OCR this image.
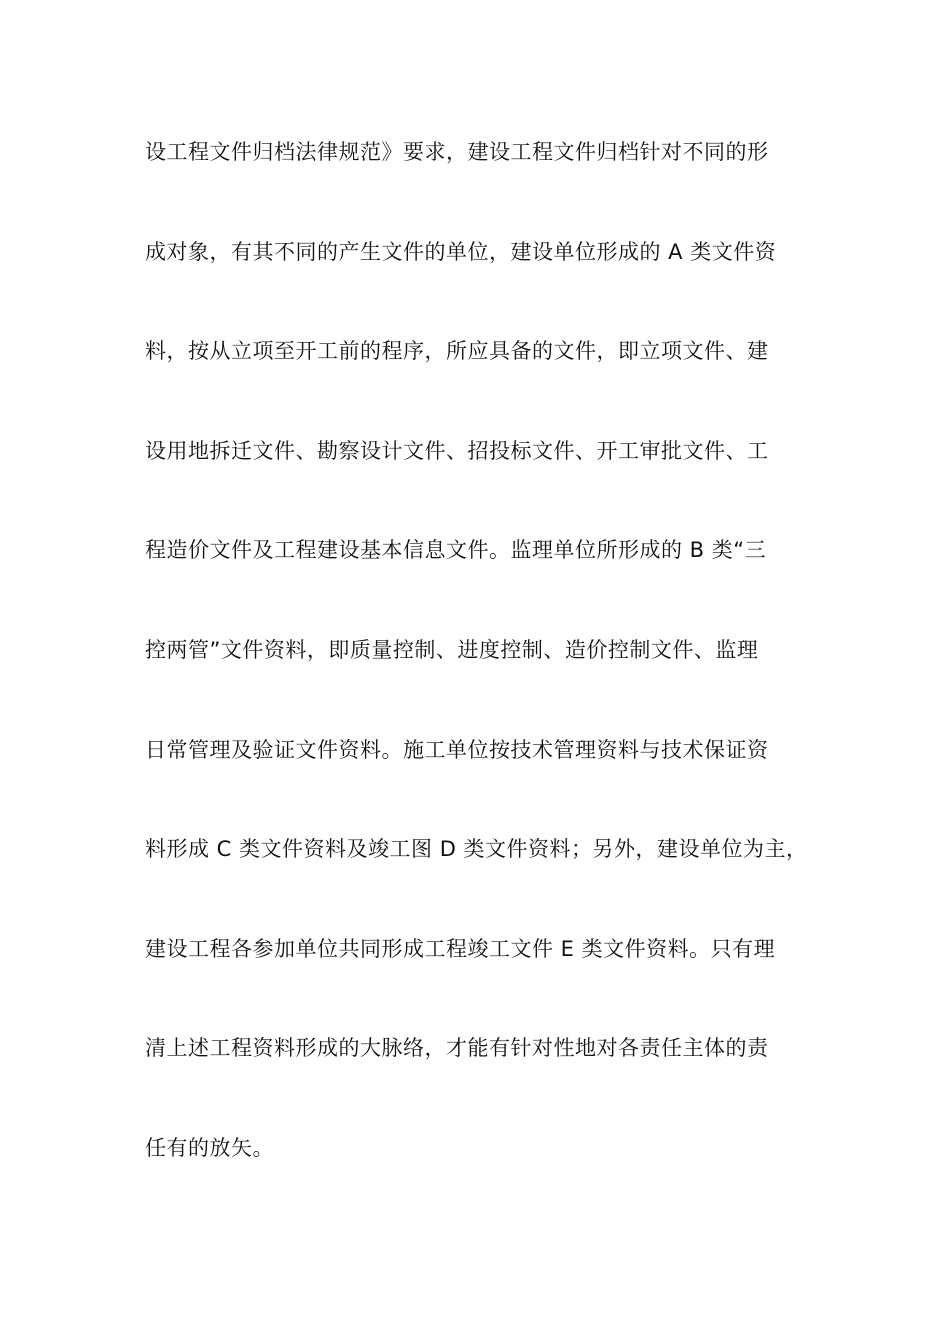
设工程文件归档法律规范》要求，建设工程文件归档针对不同的形
成对象，有其不同的产生文件的单位，建设单位形成的 A 类文件资
料，按从立项至开工前的程序，所应具备的文件，即立项文件、建
设用地拆迁文件、勘察设计文件、招投标文件、开工审批文件、工
程造价文件及工程建设基本信息文件。监理单位所形成的 B 类“三
控两管”文件资料，即质量控制、进度控制、造价控制文件、监理
日常管理及验证文件资料。施工单位按技术管理资料与技术保证资
料形成 C 类文件资料及竣工图 D 类文件资料；另外，建设单位为主，
建设工程各参加单位共同形成工程竣工文件 E 类文件资料。只有理
清上述工程资料形成的大脉络，才能有针对性地对各责任主体的责
任有的放矢。
